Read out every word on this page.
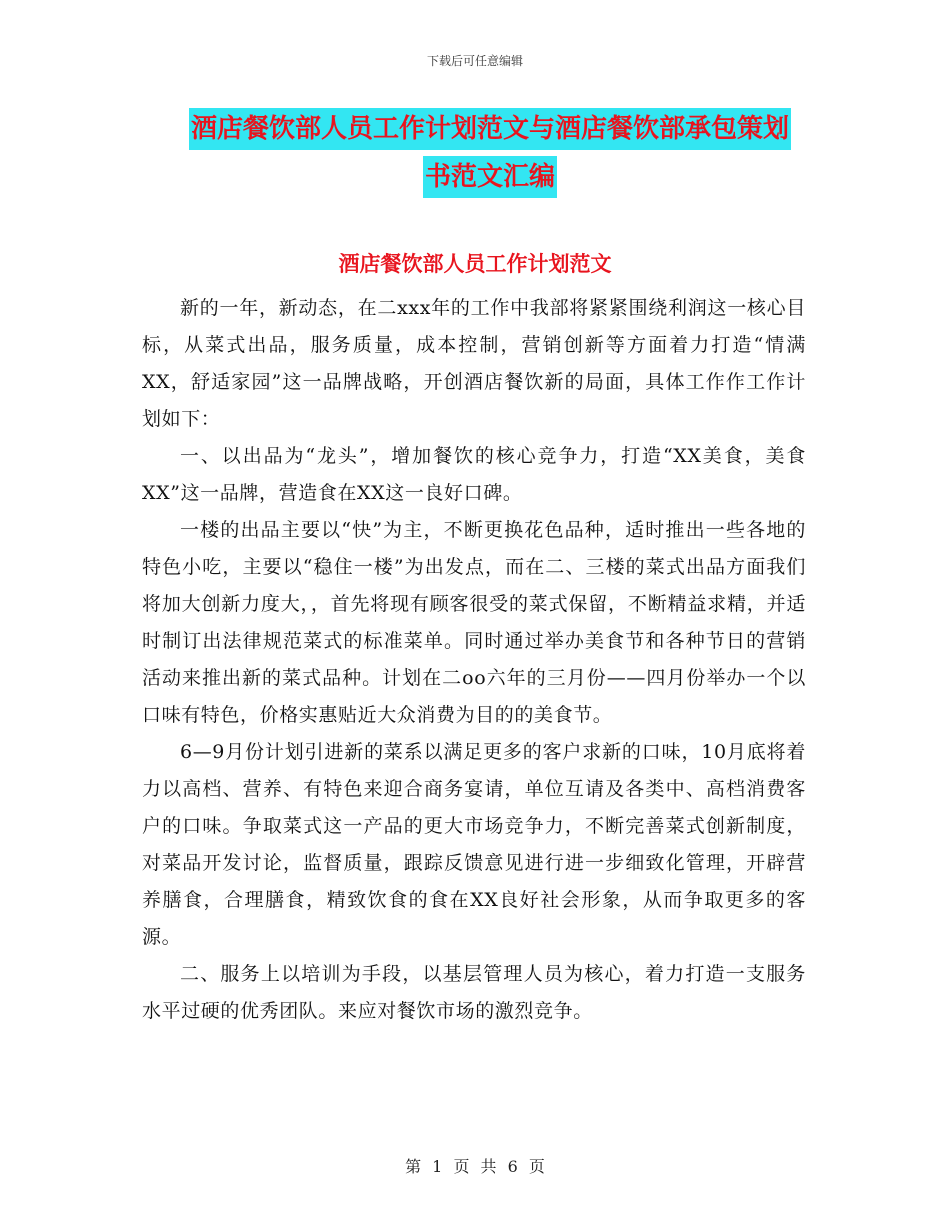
下载后可任意编辑
酒店餐饮部人员工作计划范文与酒店餐饮部承包策划
书范文汇编
酒店餐饮部人员工作计划范文

新的一年，新动态，在二xxx年的工作中我部将紧紧围绕利润这一核心目标，从菜式出品，服务质量，成本控制，营销创新等方面着力打造“情满XX，舒适家园”这一品牌战略，开创酒店餐饮新的局面，具体工作作工作计划如下：

一、以出品为“龙头”，增加餐饮的核心竞争力，打造“XX美食，美食XX”这一品牌，营造食在XX这一良好口碑。

一楼的出品主要以“快”为主，不断更换花色品种，适时推出一些各地的特色小吃，主要以“稳住一楼”为出发点，而在二、三楼的菜式出品方面我们将加大创新力度大，，首先将现有顾客很受的菜式保留，不断精益求精，并适时制订出法律规范菜式的标准菜单。同时通过举办美食节和各种节日的营销活动来推出新的菜式品种。计划在二oo六年的三月份——四月份举办一个以口味有特色，价格实惠贴近大众消费为目的的美食节。

6—9月份计划引进新的菜系以满足更多的客户求新的口味，10月底将着力以高档、营养、有特色来迎合商务宴请，单位互请及各类中、高档消费客户的口味。争取菜式这一产品的更大市场竞争力，不断完善菜式创新制度，对菜品开发讨论，监督质量，跟踪反馈意见进行进一步细致化管理，开辟营养膳食，合理膳食，精致饮食的食在XX良好社会形象，从而争取更多的客源。

二、服务上以培训为手段，以基层管理人员为核心，着力打造一支服务水平过硬的优秀团队。来应对餐饮市场的激烈竞争。

第 1 页 共 6 页
